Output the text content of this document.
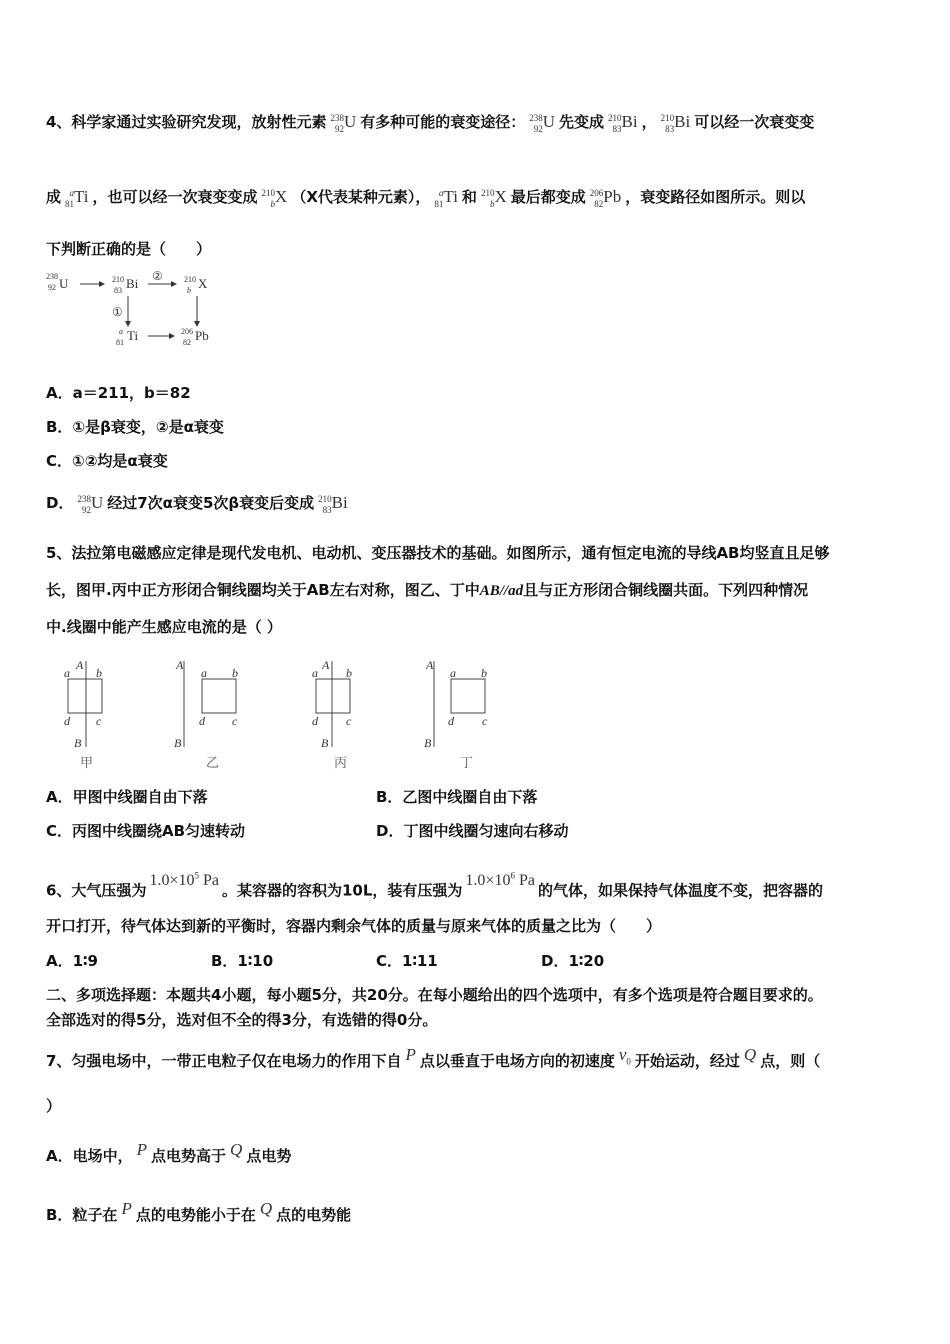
4、科学家通过实验研究发现，放射性元素 238
92 U 有多种可能的衰变途径： 238
92 U 先变成 210
83 Bi ， 210
83 Bi 可以经一次衰变变
成 a
81 Ti ，也可以经一次衰变变成 210
b X （X代表某种元素）， a
81 Ti 和 210
b X 最后都变成 206
82 Pb ，衰变路径如图所示。则以
下判断正确的是（　　）
238
92 U	210
83 Bi ②	210
b X
①
a
81 Ti	206
82 Pb
A．a＝211，b＝82
B．①是β衰变，②是α衰变
C．①②均是α衰变
D． 238
92 U 经过7次α衰变5次β衰变后变成 210
83 Bi
5、法拉第电磁感应定律是现代发电机、电动机、变压器技术的基础。如图所示，通有恒定电流的导线AB均竖直且足够
长，图甲.丙中正方形闭合铜线圈均关于AB左右对称，图乙、丁中AB//ad且与正方形闭合铜线圈共面。下列四种情况
中.线圈中能产生感应电流的是（ ）
a
A
b
d c
B
A
a b
d c
B
a
A
b
d c
B
A
a b
d c
B
甲	乙	丙	丁
A．甲图中线圈自由下落	B．乙图中线圈自由下落
C．丙图中线圈绕AB匀速转动	D．丁图中线圈匀速向右移动
6、大气压强为$1.0\times 10^5$ Pa。某容器的容积为10L，装有压强为$1.0\times 10^6$ Pa的气体，如果保持气体温度不变，把容器的
开口打开，待气体达到新的平衡时，容器内剩余气体的质量与原来气体的质量之比为（　　）
A．1∶9	B．1∶10	C．1∶11	D．1∶20
二、多项选择题：本题共4小题，每小题5分，共20分。在每小题给出的四个选项中，有多个选项是符合题目要求的。
全部选对的得5分，选对但不全的得3分，有选错的得0分。
7、匀强电场中，一带正电粒子仅在电场力的作用下自 P 点以垂直于电场方向的初速度 $v_0$ 开始运动，经过 Q 点，则（
）
A．电场中， P 点电势高于 Q 点电势
B．粒子在 P 点的电势能小于在 Q 点的电势能
